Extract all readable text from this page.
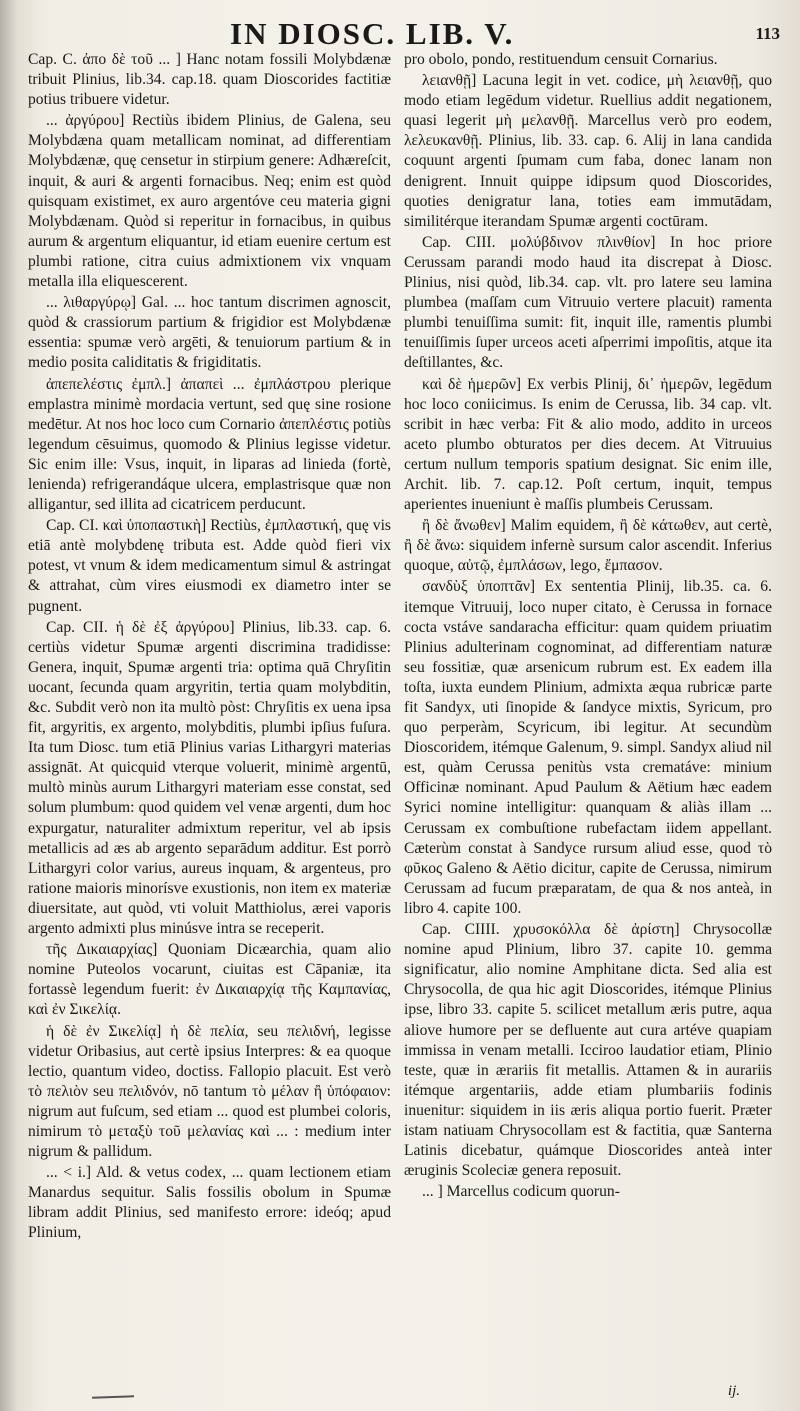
IN DIOSC. LIB. V.	113

Cap. C. ἀπο δὲ τοῦ ... ] Hanc notam fossili Molybdænæ tribuit Plinius, lib.34. cap.18. quam Dioscorides factitiæ potius tribuere videtur.

... ἀργύρου] Rectiùs ibidem Plinius, de Galena, seu Molybdæna quam metallicam nominat, ad differentiam Molybdænæ, quę censetur in stirpium genere: Adhæreſcit, inquit, & auri & argenti fornacibus. Neq; enim est quòd quisquam existimet, ex auro argentóve ceu materia gigni Molybdænam. Quòd si reperitur in fornacibus, in quibus aurum & argentum eliquantur, id etiam euenire certum est plumbi ratione, citra cuius admixtionem vix vnquam metalla illa eliquescerent.

... λιθαργύρῳ] Gal. ... hoc tantum discrimen agnoscit, quòd & crassiorum partium & frigidior est Molybdænæ essentia: spumæ verò argēti, & tenuiorum partium & in medio posita caliditatis & frigiditatis.

ἀπεπελέστις ἐμπλ.] ἀπαπεὶ ... ἐμπλάστρου plerique emplastra minimè mordacia vertunt, sed quę sine rosione medētur. At nos hoc loco cum Cornario ἀπεπλέστις potiùs legendum cēsuimus, quomodo & Plinius legisse videtur. Sic enim ille: Vsus, inquit, in liparas ad linieda (fortè, lenienda) refrigerandáque ulcera, emplastrisque quæ non alligantur, sed illita ad cicatricem perducunt.

Cap. CI. καὶ ὑποπαστικὴ] Rectiùs, ἐμπλαστική, quę vis etiā antè molybdenę tributa est. Adde quòd fieri vix potest, vt vnum & idem medicamentum simul & astringat & attrahat, cùm vires eiusmodi ex diametro inter se pugnent.

Cap. CII. ἡ δὲ ἐξ ἀργύρου] Plinius, lib.33. cap. 6. certiùs videtur Spumæ argenti discrimina tradidisse: Genera, inquit, Spumæ argenti tria: optima quā Chryſitin uocant, ſecunda quam argyritin, tertia quam molybditin, &c. Subdit verò non ita multò pòst: Chryſitis ex uena ipsa fit, argyritis, ex argento, molybditis, plumbi ipſius fuſura. Ita tum Diosc. tum etiā Plinius varias Lithargyri materias assignāt. At quicquid vterque voluerit, minimè argentū, multò minùs aurum Lithargyri materiam esse constat, sed solum plumbum: quod quidem vel venæ argenti, dum hoc expurgatur, naturaliter admixtum reperitur, vel ab ipsis metallicis ad æs ab argento separādum additur. Est porrò Lithargyri color varius, aureus inquam, & argenteus, pro ratione maioris minorísve exustionis, non item ex materiæ diuersitate, aut quòd, vti voluit Matthiolus, æreі vaporis argento admixti plus minúsve intra se receperit.

τῆς Δικαιαρχίας] Quoniam Dicæarchia, quam alio nomine Puteolos vocarunt, ciuitas est Cāpaniæ, ita fortassè legendum fuerit: ἐν Δικαιαρχίᾳ τῆς Καμπανίας, καὶ ἐν Σικελίᾳ.

ἡ δὲ ἐν Σικελίᾳ] ἡ δὲ πελία, seu πελιδνή, legisse videtur Oribasius, aut certè ipsius Interpres: & ea quoque lectio, quantum video, doctiss. Fallopio placuit. Est verò τὸ πελιὸν seu πελιδνόν, nō tantum τὸ μέλαν ἢ ὑπόφαιον: nigrum aut fuſcum, sed etiam ... quod est plumbei coloris, nimirum τὸ μεταξὺ τοῦ μελανίας καὶ ... : medium inter nigrum & pallidum.

... < i.] Ald. & vetus codex, ... quam lectionem etiam Manardus sequitur. Salis fossilis obolum in Spumæ libram addit Plinius, sed manifesto errore: ideóq; apud Plinium,

pro obolo, pondo, restituendum censuit Cornarius.

λειανθῇ] Lacuna legit in vet. codice, μὴ λειανθῇ, quo modo etiam legēdum videtur. Ruellius addit negationem, quasi legerit μὴ μελανθῇ. Marcellus verò pro eodem, λελευκανθῇ. Plinius, lib. 33. cap. 6. Alij in lana candida coquunt argenti ſpumam cum faba, donec lanam non denigrent. Innuit quippe idipsum quod Dioscorides, quoties denigratur lana, toties eam immutādam, similitérque iterandam Spumæ argenti coctūram.

Cap. CIII. μολύβδινον πλινθίον] In hoc priore Cerussam parandi modo haud ita discrepat à Diosc. Plinius, nisi quòd, lib.34. cap. vlt. pro latere seu lamina plumbea (maſſam cum Vitruuio vertere placuit) ramenta plumbi tenuiſſima sumit: fit, inquit ille, ramentis plumbi tenuiſſimis ſuper urceos aceti aſperrimi impoſitis, atque ita deſtillantes, &c.

καὶ δὲ ἡμερῶν] Ex verbis Plinij, δι᾽ ἡμερῶν, legēdum hoc loco coniicimus. Is enim de Cerussa, lib. 34 cap. vlt. scribit in hæc verba: Fit & alio modo, addito in urceos aceto plumbo obturatos per dies decem. At Vitruuius certum nullum temporis spatium designat. Sic enim ille, Archit. lib. 7. cap.12. Poſt certum, inquit, tempus aperientes inueniunt è maſſis plumbeis Cerussam.

ἢ δὲ ἄνωθεν] Malim equidem, ἢ δὲ κάτωθεν, aut certè, ἢ δὲ ἄνω: siquidem infernè sursum calor ascendit. Inferius quoque, αὐτῷ, ἐμπλάσων, lego, ἔμπασον.

σανδὺξ ὑποπτᾶν] Ex sententia Plinij, lib.35. ca. 6. itemque Vitruuij, loco nuper citato, è Cerussa in fornace cocta vstáve sandaracha efficitur: quam quidem priuatim Plinius adulterinam cognominat, ad differentiam naturæ seu fossitiæ, quæ arsenicum rubrum est. Ex eadem illa toſta, iuxta eundem Plinium, admixta æqua rubricæ parte fit Sandyx, uti ſinopide & ſandyce mixtis, Syricum, pro quo perperàm, Scyricum, ibi legitur. At secundùm Dioscoridem, itémque Galenum, 9. simpl. Sandyx aliud nil est, quàm Cerussa penitùs vsta crematáve: minium Officinæ nominant. Apud Paulum & Aëtium hæc eadem Syrici nomine intelligitur: quanquam & aliàs illam ... Cerussam ex combuſtione rubefactam iidem appellant. Cæterùm constat à Sandyce rursum aliud esse, quod τὸ φῦκος Galeno & Aëtio dicitur, capite de Cerussa, nimirum Cerussam ad fucum præparatam, de qua & nos anteà, in libro 4. capite 100.

Cap. CIIII. χρυσοκόλλα δὲ ἀρίστη] Chrysocollæ nomine apud Plinium, libro 37. capite 10. gemma significatur, alio nomine Amphitane dicta. Sed alia est Chrysocolla, de qua hic agit Dioscorides, itémque Plinius ipse, libro 33. capite 5. scilicet metallum æris putre, aqua aliove humore per se defluente aut cura artéve quapiam immissa in venam metalli. Icciroo laudatior etiam, Plinio teste, quæ in ærariis fit metallis. Attamen & in aurariis itémque argentariis, adde etiam plumbariis fodinis inuenitur: siquidem in iis æris aliqua portio fuerit. Præter istam natiuam Chrysocollam est & factitia, quæ Santerna Latinis dicebatur, quámque Dioscorides anteà inter æruginis Scoleciæ genera reposuit.

... ] Marcellus codicum quorun-

ij.
